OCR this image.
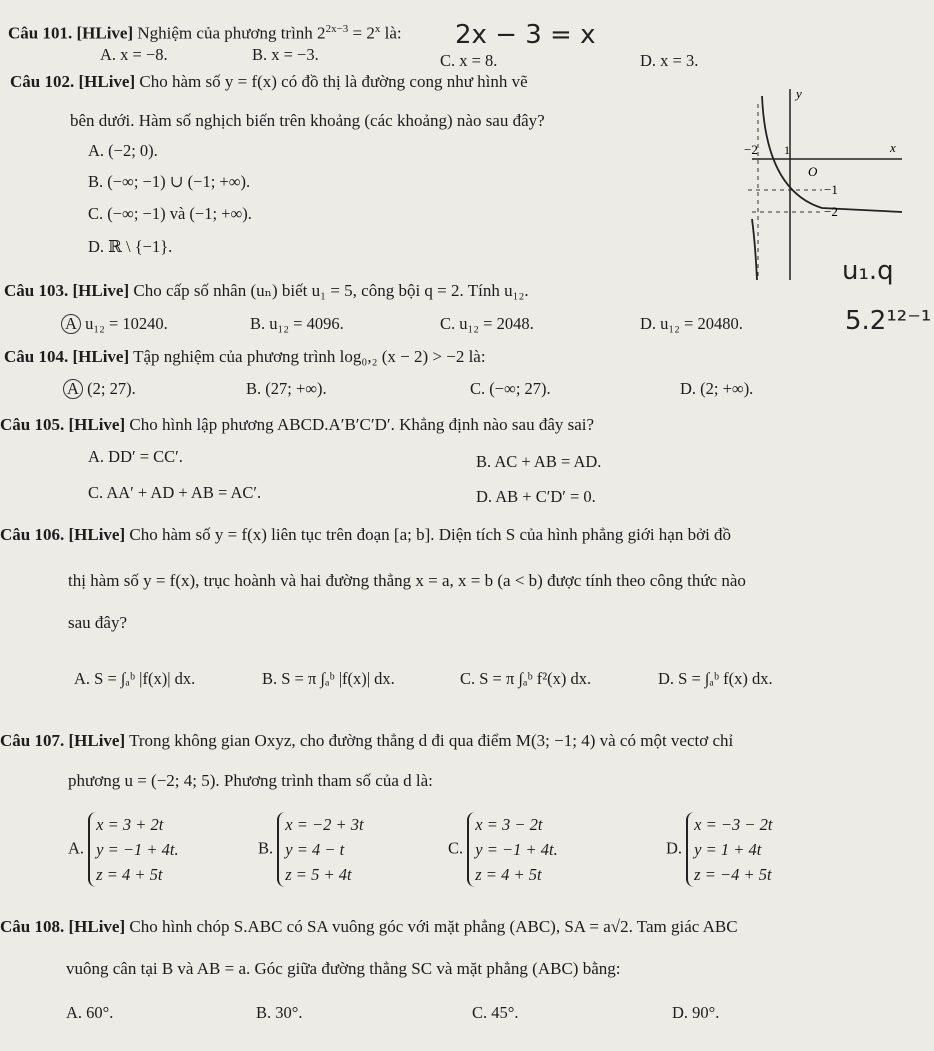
Câu 101. [HLive] Nghiệm của phương trình $2^{2x-3} = 2^x$ là: 2x − 3 = x
A. x = −8.	B. x = −3.	C. x = 8.	D. x = 3.
Câu 102. [HLive] Cho hàm số y = f(x) có đồ thị là đường cong như hình vẽ
bên dưới. Hàm số nghịch biến trên khoảng (các khoảng) nào sau đây?
A. (−2; 0).
B. (−∞; −1) ∪ (−1; +∞).
C. (−∞; −1) và (−1; +∞).
D. ℝ \ {−1}.
y
x
O
−2 1
−1
−2
u₁.q
Câu 103. [HLive] Cho cấp số nhân (uₙ) biết u₁ = 5, công bội q = 2. Tính u₁₂.
A u₁₂ = 10240.	B. u₁₂ = 4096.	C. u₁₂ = 2048.	D. u₁₂ = 20480.	5.2¹²⁻¹
Câu 104. [HLive] Tập nghiệm của phương trình log₀,₂ (x − 2) > −2 là:
A (2; 27).	B. (27; +∞).	C. (−∞; 27).	D. (2; +∞).
Câu 105. [HLive] Cho hình lập phương ABCD.A′B′C′D′. Khẳng định nào sau đây sai?
A. DD′ = CC′.	B. AC + AB = AD.
C. AA′ + AD + AB = AC′.	D. AB + C′D′ = 0.
Câu 106. [HLive] Cho hàm số y = f(x) liên tục trên đoạn [a; b]. Diện tích S của hình phẳng giới hạn bởi đồ
thị hàm số y = f(x), trục hoành và hai đường thẳng x = a, x = b (a < b) được tính theo công thức nào
sau đây?
A. S = ∫ₐᵇ |f(x)| dx.	B. S = π ∫ₐᵇ |f(x)| dx.	C. S = π ∫ₐᵇ f²(x) dx.	D. S = ∫ₐᵇ f(x) dx.
Câu 107. [HLive] Trong không gian Oxyz, cho đường thẳng d đi qua điểm M(3; −1; 4) và có một vectơ chỉ
phương u = (−2; 4; 5). Phương trình tham số của d là:
A.
x = 3 + 2t
y = −1 + 4t.
z = 4 + 5t
B.
x = −2 + 3t
y = 4 − t
z = 5 + 4t
C.
x = 3 − 2t
y = −1 + 4t.
z = 4 + 5t
D.
x = −3 − 2t
y = 1 + 4t
z = −4 + 5t
Câu 108. [HLive] Cho hình chóp S.ABC có SA vuông góc với mặt phẳng (ABC), SA = a√2. Tam giác ABC
vuông cân tại B và AB = a. Góc giữa đường thẳng SC và mặt phẳng (ABC) bằng:
A. 60°.	B. 30°.	C. 45°.	D. 90°.
